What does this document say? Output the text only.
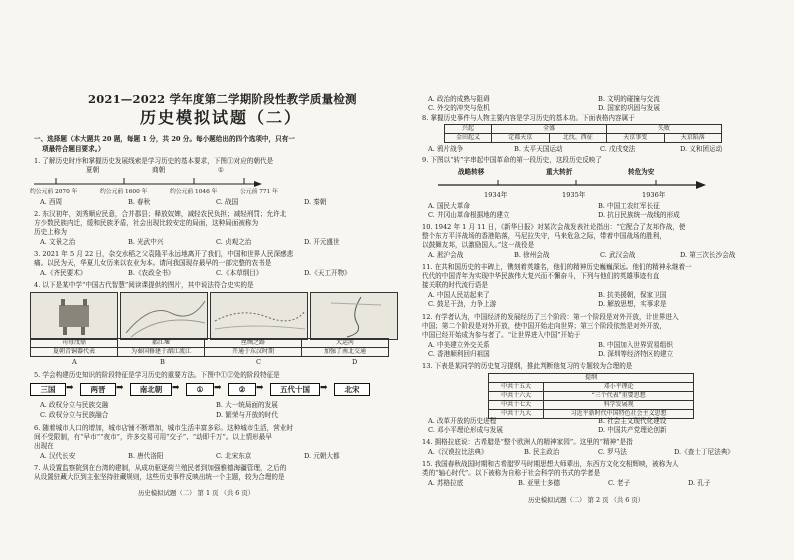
2021—2022 学年度第二学期阶段性教学质量检测
历史模拟试题（二）
一、选择题（本大题共 20 题，每题 1 分，共 20 分。每小题给出的四个选项中，只有一
项最符合题目要求。）
1. 了解历史时序和掌握历史发展线索是学习历史的基本要求，下图①对应的朝代是
夏朝	商朝	①
约公元前 2070 年	约公元前 1600 年	约公元前 1046 年	公元前 771 年
A. 西周	B. 春秋	C. 战国	D. 秦朝
2. 东汉初年，刘秀顺应民意，合并郡县；释放奴婢，减轻农民负担；减轻刑罚；允许北
方少数民族内迁，缓和民族矛盾，社会出现比较安定的局面，这种局面被称为
历史上称为
A. 文景之治	B. 光武中兴	C. 贞观之治	D. 开元盛世
3. 2021 年 5 月 22 日，杂交水稻之父袁隆平永远地离开了我们，中国和世界人民深感悲
痛。以民为天，华夏儿女历来以农业为本。请问我国现存最早的一部完整的农书是
A.《齐民要术》	B.《农政全书》	C.《本草纲目》	D.《天工开物》
4. 以下是某中学“中国古代智慧”阅读课提供的图片，其中说法符合史实的是
司母戊鼎	都江堰	丝绸之路	大运河
夏朝青铜器代表	为秦国修建于湖江流江	开通于东汉时期	加强了南北交通
A	B	C	D
5. 学会构建历史知识的阶段特征是学习历史的重要方法。下图中①②处的阶段特征是
三国	➡	两晋	➡	南北朝	➡	①	➡	②	➡	五代十国	➡	北宋
A. 政权分立与民族交融	B. 大一统局面的发展
C. 政权分立与民族融合	D. 繁荣与开放的时代
6. 随着城市人口的增加，城市店铺不断增加，城市生活丰富多彩。这种城市生活，营业时
间不受限制，有“早市”“夜市”，许多交易可用“交子”、“动即千万”。以上情形最早
出现在
A. 汉代长安	B. 唐代洛阳	C. 北宋东京	D. 元朝大都
7. 从设置监察院到在台湾的建制，从成功驱逐荷兰殖民者到加强雅德海疆管理，之后的
从设置驻藏大臣到主张坚持驻藏规则，这些历史事件反映出统一个主题，较为合理的是
历史模拟试题（二） 第 1 页 （共 6 页）
A. 政治的成熟与阻碍	B. 文明的碰撞与交流
C. 外交的冲突与危机	D. 国家的巩固与发展
8. 掌握历史事件与人物主要内容是学习历史的基本功。下面表格内容属于
兴起	全盛		失败	
金田起义	定都天京	北伐、西征	天京事变	天京陷落
A. 鸦片战争	B. 太平天国运动	C. 戊戌变法	D. 义和团运动
9. 下图以“转”字串起中国革命的第一段历史，这段历史反映了
战略转移	重大转折	转危为安
1934年	1935年	1936年
A. 国民大革命	B. 中国工农红军长征
C. 井冈山革命根据地的建立	D. 抗日民族统一战线的形成
10. 1942 年 1 月 11 日，《新华日报》对某次会战发表社论指出：“它配合了友邦作战，使
整个东方平洋战场的香港陷落，马尼拉失守，马来危急之际，带着中国战场的胜利，
以鼓舞友邦，以激励国人。”这一战役是
A. 淞沪会战	B. 徐州会战	C. 武汉会战	D. 第三次长沙会战
11. 在共和国历史的丰碑上，镌刻着英雄名，他们的精神历史巍巍深远。他们的精神永继着一
代代的中国青年为实现中华民族伟大复兴而不懈奋斗，下列与他们的英雄事迹有直
接关联的时代流行语是
A. 中国人民站起来了	B. 抗美援朝，保家卫国
C. 鼓足干劲，力争上游	D. 解放思想，实事求是
12. 有学者认为，中国经济的发展经历了三个阶段：第一个阶段是对外开放，计世界进入
中国；第二个阶段是对外开放，使中国开始走向世界；第三个阶段依然是对外开放，
中国已经开始成为参与者了。“让世界进入中国”开始于
A. 中美建立外交关系	B. 中国加入世界贸易组织
C. 香港顺利回归祖国	D. 深圳等经济特区的建立
13. 下表是某同学的历史复习提纲，推此判断他复习的专题较为合理的是
提纲	
中共十五大	邓小平理论
中共十六大	“三个代表”重要思想
中共十七大	科学发展观
中共十九大	习近平新时代中国特色社会主义思想
A. 改革开放的历史进程	B. 社会主义现代化建设
C. 邓小平理论形成与发展	D. 中国共产党理论创新
14. 拥格拉底说：古希腊是“整个欧洲人的精神家园”。这里的“精神”是指
A.《汉谟拉比法典》	B. 民主政治	C. 罗马法	D.《查士丁尼法典》
15. 我国春秋战国时期和古希腊罗马时期思想大师辈出，东西方文化交相辉映，被称为人
类的“轴心时代”。以下被称为自称于社会科学的书式的学者是
A. 苏格拉底	B. 亚里士多德	C. 老子	D. 孔子
历史模拟试题（二） 第 2 页 （共 6 页）
